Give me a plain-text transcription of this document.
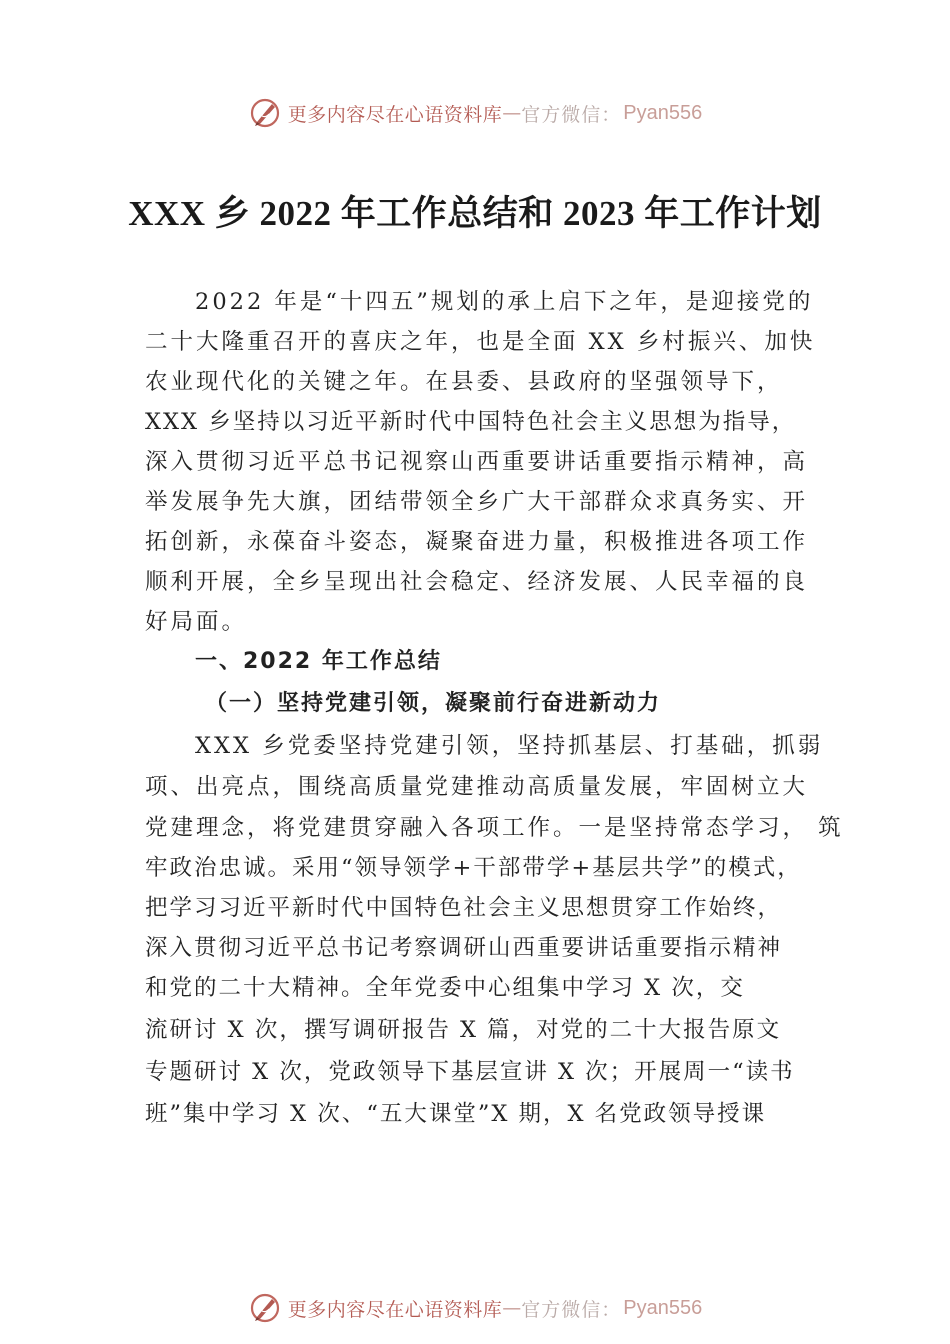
更多内容尽在心语资料库 — 官方微信： Pyan556
XXX 乡 2022 年工作总结和 2023 年工作计划
2022 年是“十四五”规划的承上启下之年，是迎接党的
二十大隆重召开的喜庆之年，也是全面 XX 乡村振兴、加快
农业现代化的关键之年。在县委、县政府的坚强领导下，
XXX 乡坚持以习近平新时代中国特色社会主义思想为指导，
深入贯彻习近平总书记视察山西重要讲话重要指示精神，高
举发展争先大旗，团结带领全乡广大干部群众求真务实、开
拓创新，永葆奋斗姿态，凝聚奋进力量，积极推进各项工作
顺利开展，全乡呈现出社会稳定、经济发展、人民幸福的良
好局面。
一、2022 年工作总结
（一）坚持党建引领，凝聚前行奋进新动力
XXX 乡党委坚持党建引领，坚持抓基层、打基础，抓弱
项、出亮点，围绕高质量党建推动高质量发展，牢固树立大
党建理念，将党建贯穿融入各项工作。一是坚持常态学习， 筑
牢政治忠诚。采用“领导领学+干部带学+基层共学”的模式，
把学习习近平新时代中国特色社会主义思想贯穿工作始终，
深入贯彻习近平总书记考察调研山西重要讲话重要指示精神
和党的二十大精神。全年党委中心组集中学习 X 次，交
流研讨 X 次，撰写调研报告 X 篇，对党的二十大报告原文
专题研讨 X 次，党政领导下基层宣讲 X 次；开展周一“读书
班”集中学习 X 次、“五大课堂”X 期，X 名党政领导授课
更多内容尽在心语资料库 — 官方微信： Pyan556
